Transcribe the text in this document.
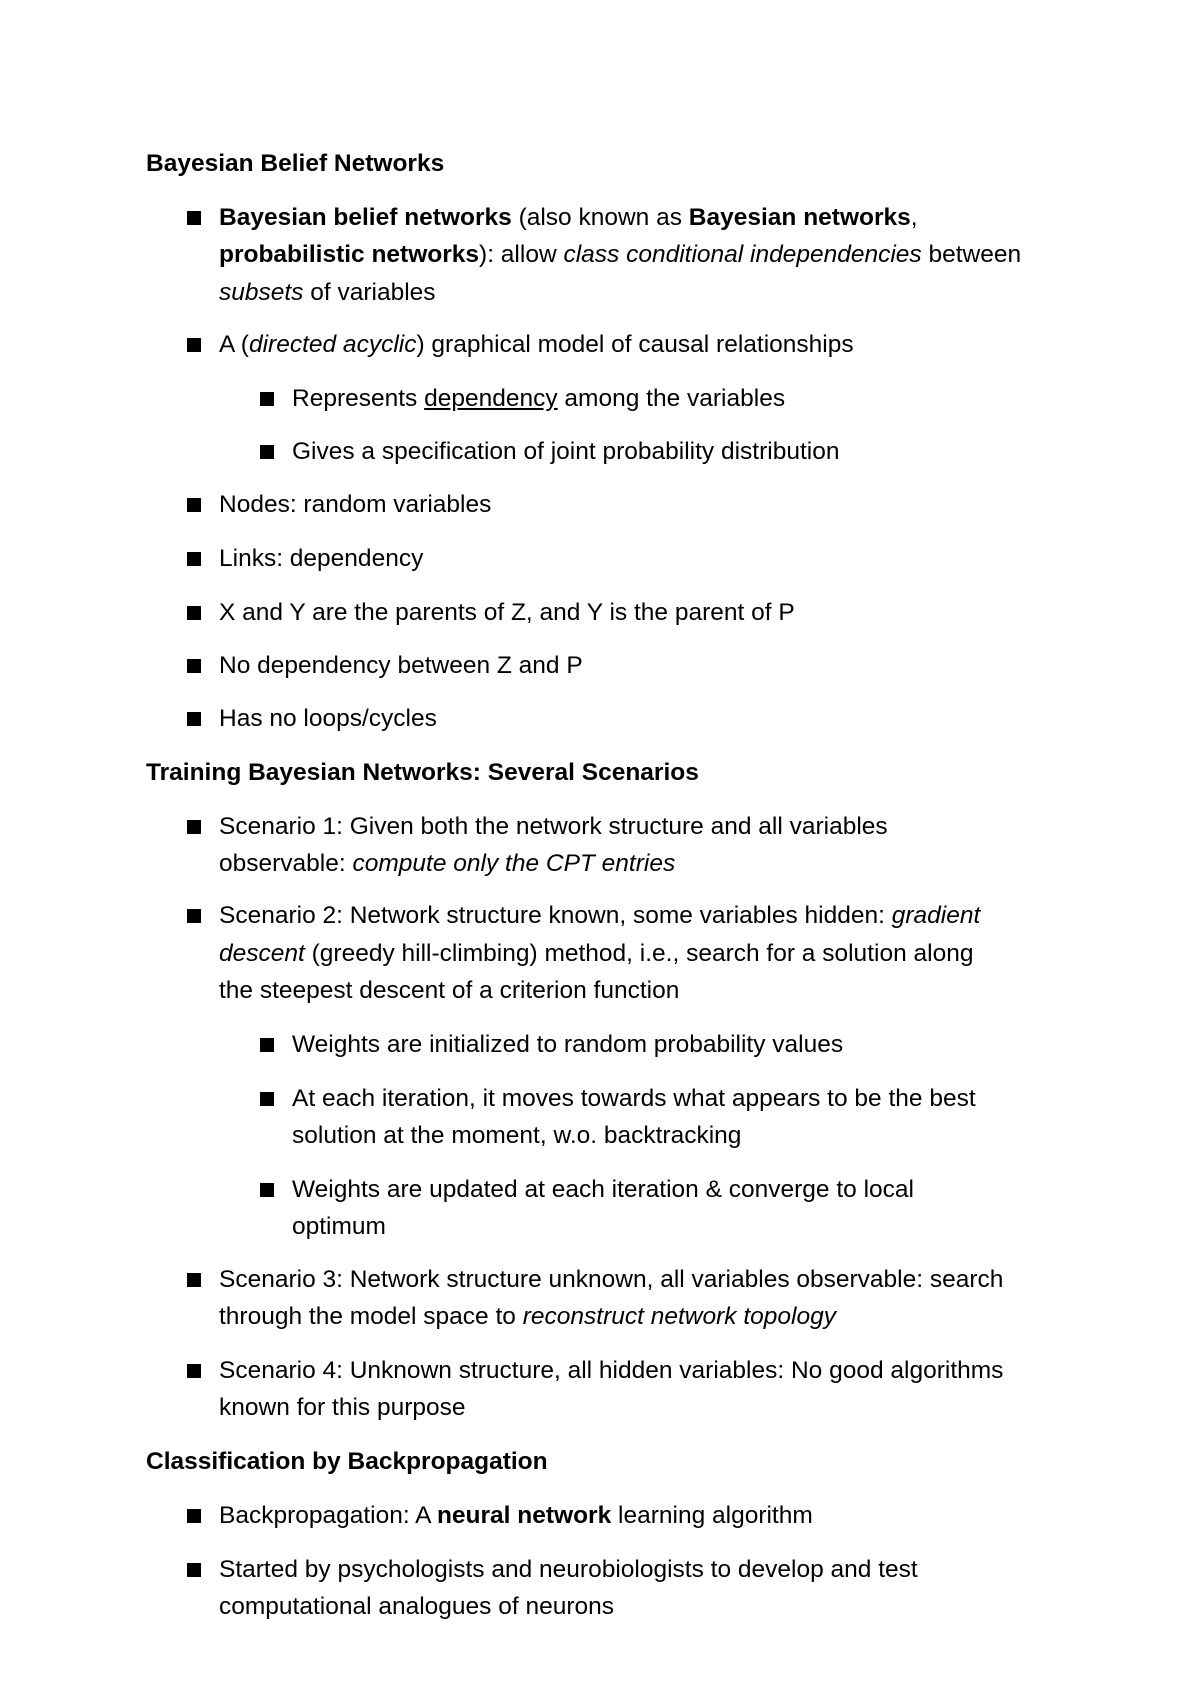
Bayesian Belief Networks
Bayesian belief networks (also known as Bayesian networks,
probabilistic networks): allow class conditional independencies between
subsets of variables
A (directed acyclic) graphical model of causal relationships
Represents dependency among the variables
Gives a specification of joint probability distribution
Nodes: random variables
Links: dependency
X and Y are the parents of Z, and Y is the parent of P
No dependency between Z and P
Has no loops/cycles
Training Bayesian Networks: Several Scenarios
Scenario 1: Given both the network structure and all variables
observable: compute only the CPT entries
Scenario 2: Network structure known, some variables hidden: gradient
descent (greedy hill-climbing) method, i.e., search for a solution along
the steepest descent of a criterion function
Weights are initialized to random probability values
At each iteration, it moves towards what appears to be the best
solution at the moment, w.o. backtracking
Weights are updated at each iteration & converge to local
optimum
Scenario 3: Network structure unknown, all variables observable: search
through the model space to reconstruct network topology
Scenario 4: Unknown structure, all hidden variables: No good algorithms
known for this purpose
Classification by Backpropagation
Backpropagation: A neural network learning algorithm
Started by psychologists and neurobiologists to develop and test
computational analogues of neurons
